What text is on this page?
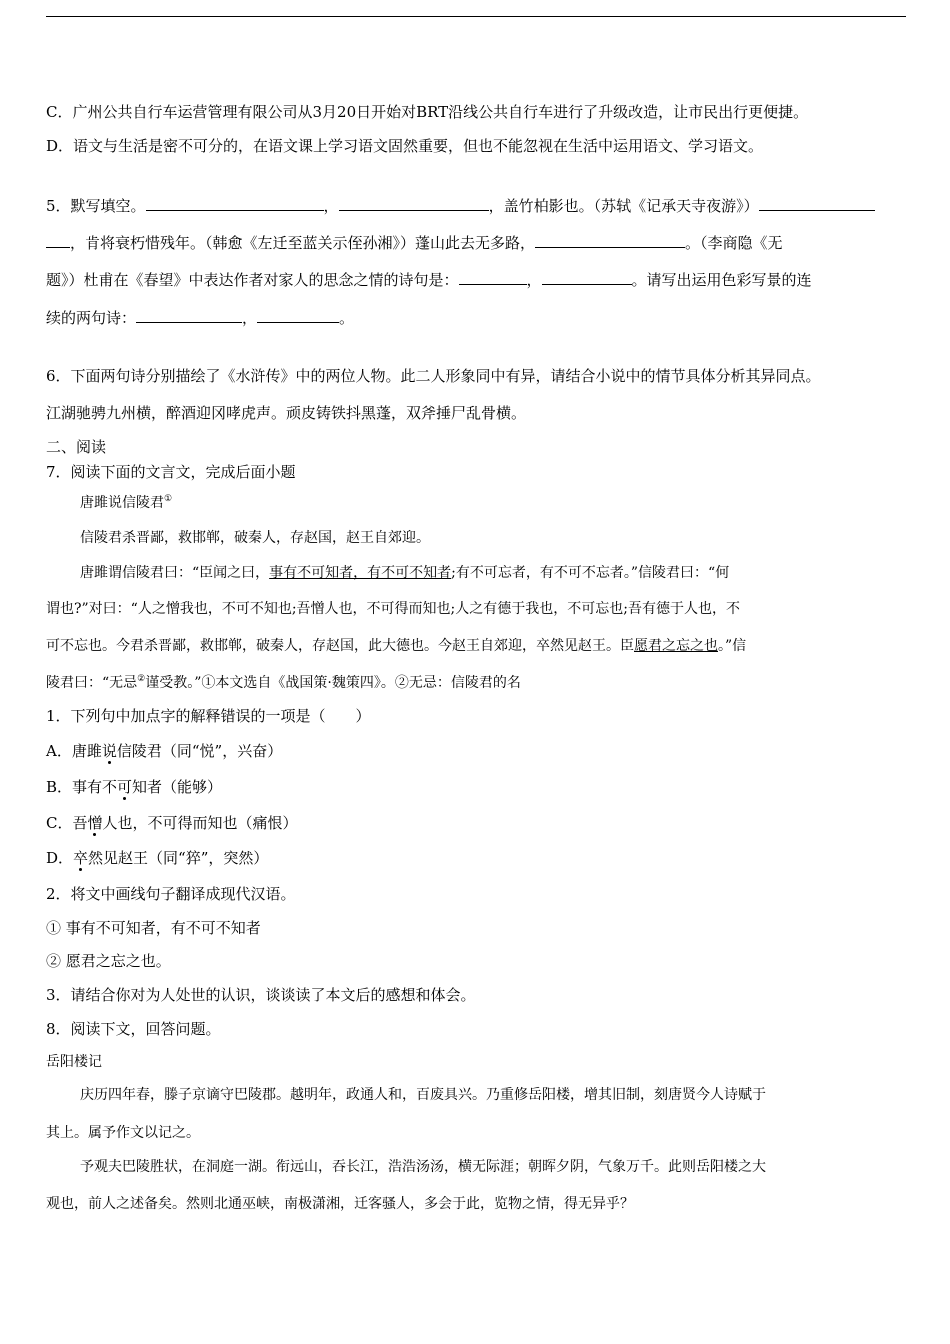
C．广州公共自行车运营管理有限公司从3月20日开始对BRT沿线公共自行车进行了升级改造，让市民出行更便捷。
D．语文与生活是密不可分的，在语文课上学习语文固然重要，但也不能忽视在生活中运用语文、学习语文。
5．默写填空。	，	，盖竹柏影也。（苏轼《记承天寺夜游》）
，肯将衰朽惜残年。（韩愈《左迁至蓝关示侄孙湘》）蓬山此去无多路，	。（李商隐《无
题》）杜甫在《春望》中表达作者对家人的思念之情的诗句是：	，	。请写出运用色彩写景的连
续的两句诗：	，	。
6．下面两句诗分别描绘了《水浒传》中的两位人物。此二人形象同中有异，请结合小说中的情节具体分析其异同点。
江湖驰骋九州横，醉酒迎冈哮虎声。顽皮铸铁抖黑蓬，双斧捶尸乱骨横。
二、阅读
7．阅读下面的文言文，完成后面小题
唐雎说信陵君①
信陵君杀晋鄙，救邯郸，破秦人，存赵国，赵王自郊迎。
唐雎谓信陵君曰：“臣闻之曰，事有不可知者，有不可不知者;有不可忘者，有不可不忘者。”信陵君曰：“何
谓也?”对曰：“人之憎我也，不可不知也;吾憎人也，不可得而知也;人之有德于我也，不可忘也;吾有德于人也，不
可不忘也。今君杀晋鄙，救邯郸，破秦人，存赵国，此大德也。今赵王自郊迎，卒然见赵王。臣愿君之忘之也。”信
陵君曰：“无忌②谨受教。”①本文选自《战国策·魏策四》。②无忌：信陵君的名
1．下列句中加点字的解释错误的一项是（　　）
A．唐雎说信陵君（同“悦”，兴奋）
B．事有不可知者（能够）
C．吾憎人也，不可得而知也（痛恨）
D．卒然见赵王（同“猝”，突然）
2．将文中画线句子翻译成现代汉语。
① 事有不可知者，有不可不知者
② 愿君之忘之也。
3．请结合你对为人处世的认识，谈谈读了本文后的感想和体会。
8．阅读下文，回答问题。
岳阳楼记
庆历四年春，滕子京谪守巴陵郡。越明年，政通人和，百废具兴。乃重修岳阳楼，增其旧制，刻唐贤今人诗赋于
其上。属予作文以记之。
予观夫巴陵胜状，在洞庭一湖。衔远山，吞长江，浩浩汤汤，横无际涯；朝晖夕阴，气象万千。此则岳阳楼之大
观也，前人之述备矣。然则北通巫峡，南极潇湘，迁客骚人，多会于此，览物之情，得无异乎？
